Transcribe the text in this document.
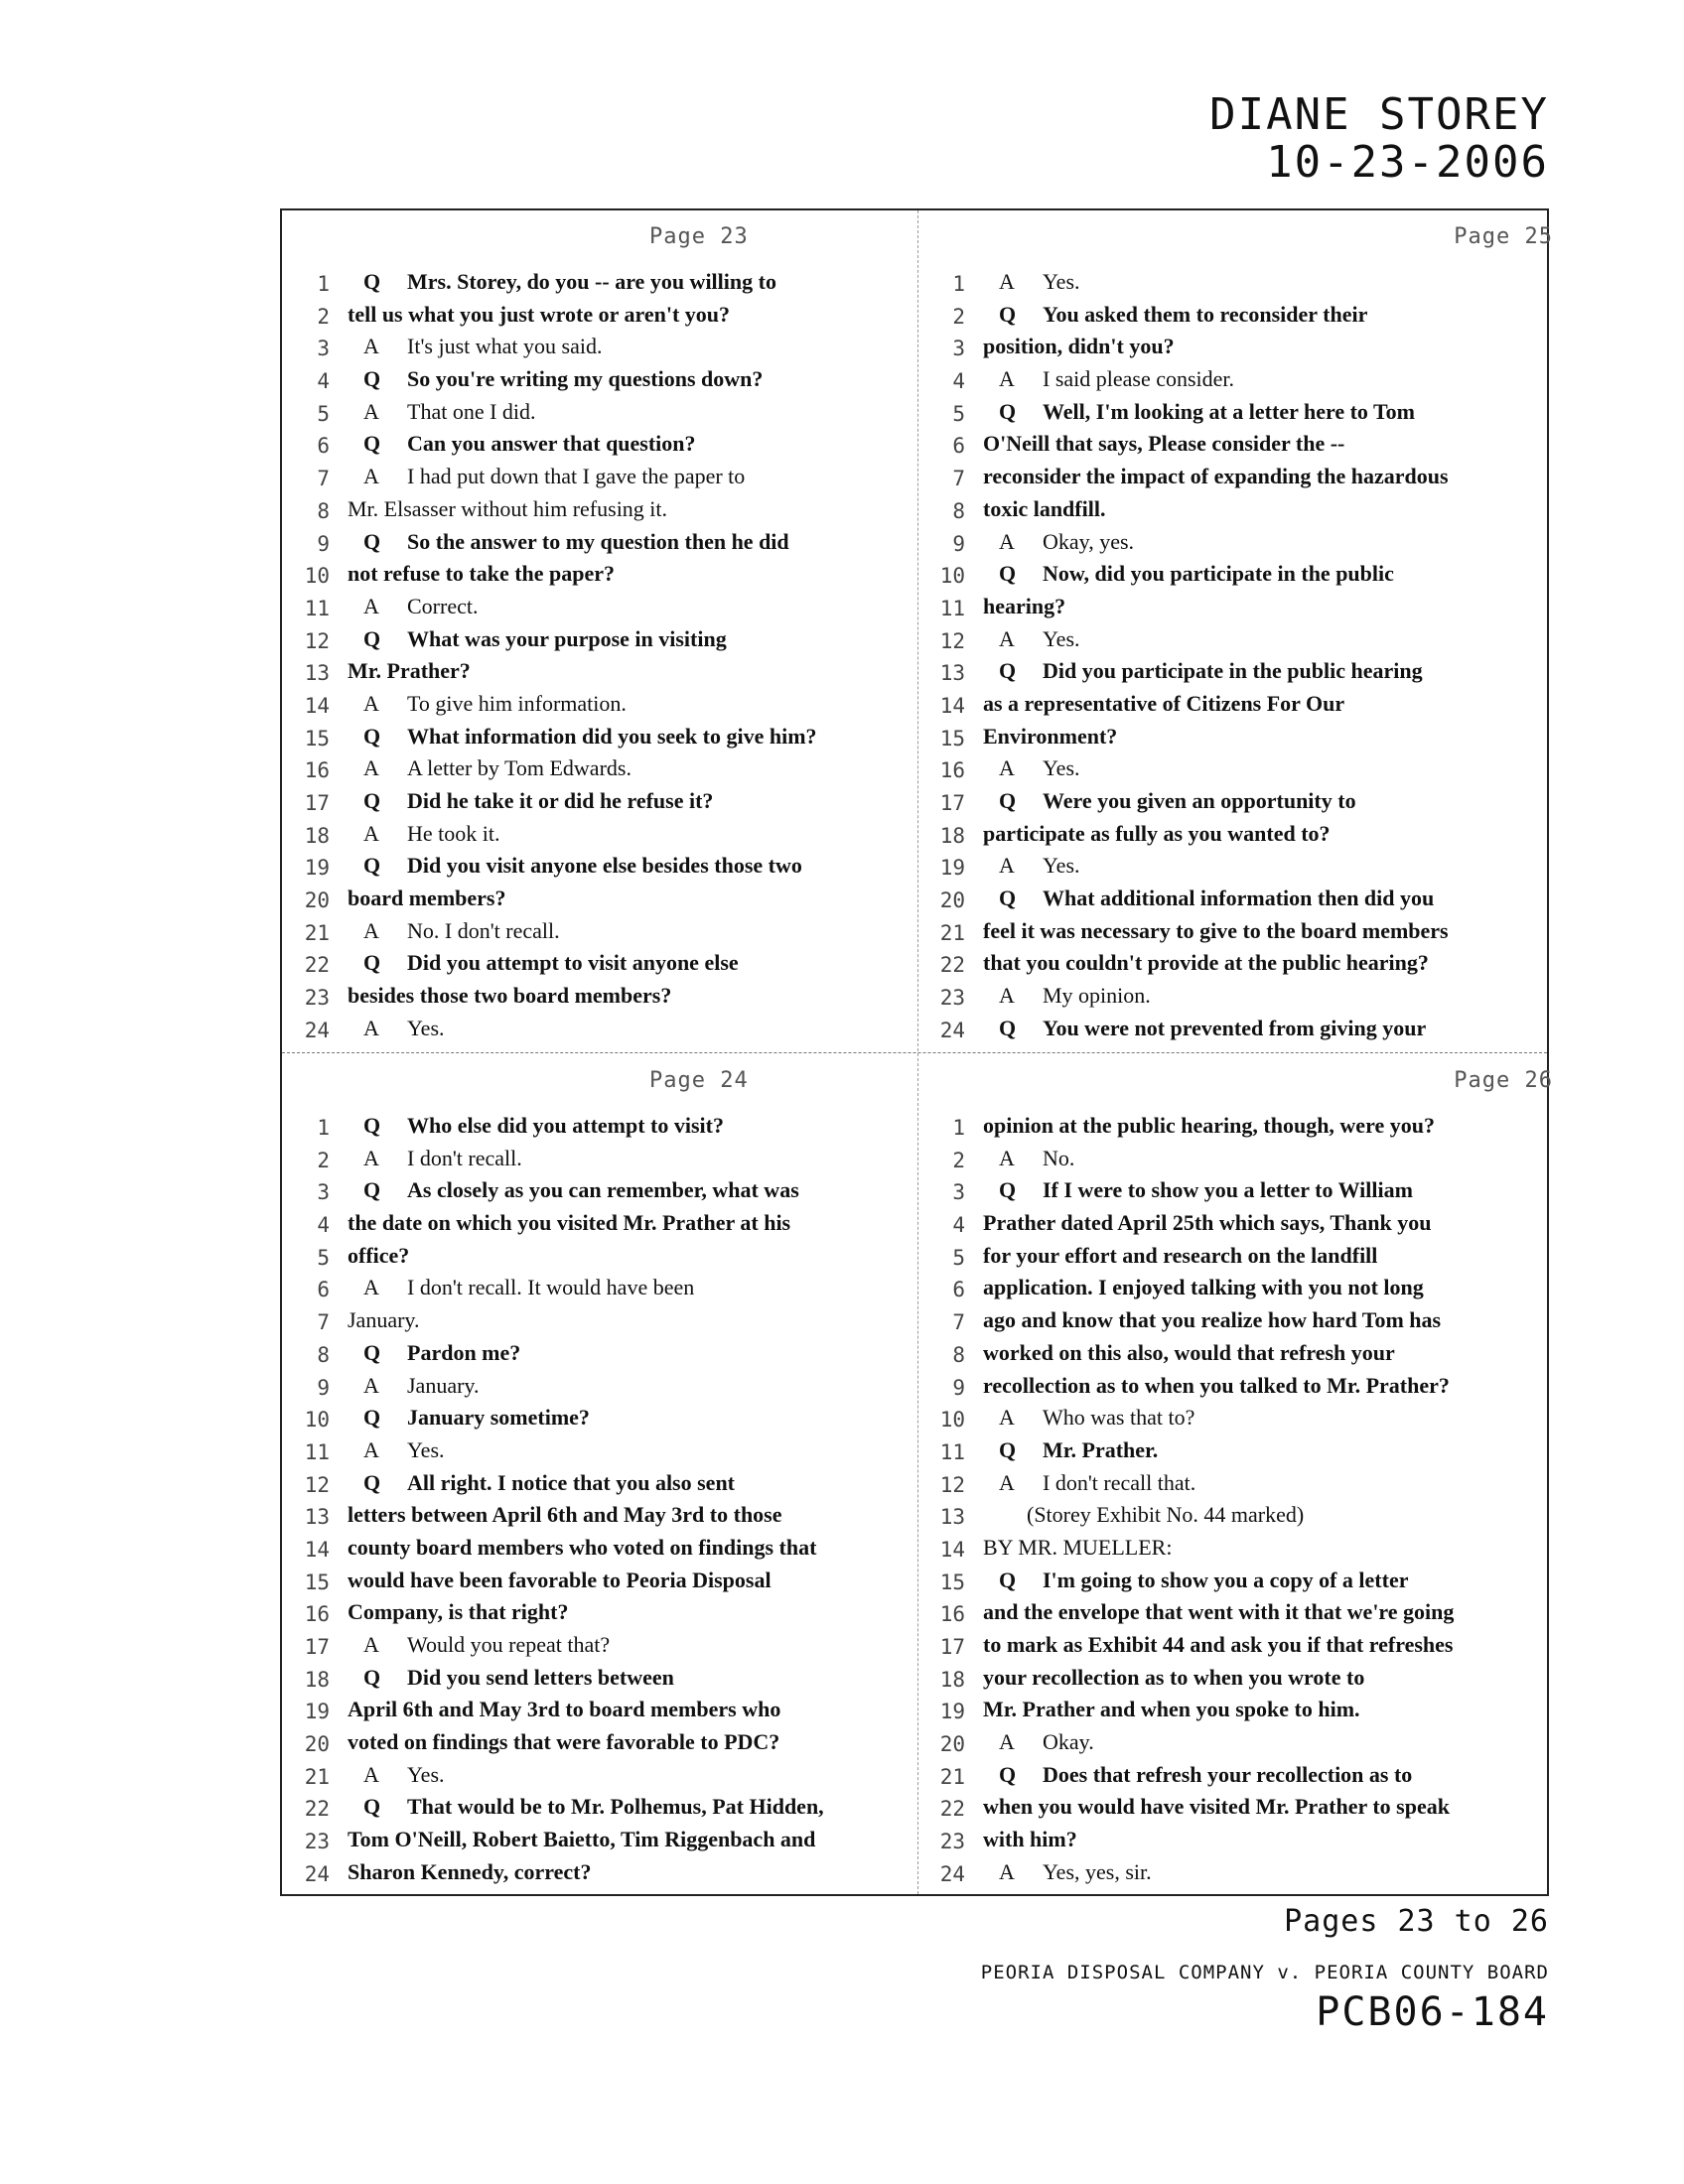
DIANE STOREY
10-23-2006
Page 23
1 Q Mrs. Storey, do you -- are you willing to
2 tell us what you just wrote or aren't you?
3 A It's just what you said.
4 Q So you're writing my questions down?
5 A That one I did.
6 Q Can you answer that question?
7 A I had put down that I gave the paper to
8 Mr. Elsasser without him refusing it.
9 Q So the answer to my question then he did
10 not refuse to take the paper?
11 A Correct.
12 Q What was your purpose in visiting
13 Mr. Prather?
14 A To give him information.
15 Q What information did you seek to give him?
16 A A letter by Tom Edwards.
17 Q Did he take it or did he refuse it?
18 A He took it.
19 Q Did you visit anyone else besides those two
20 board members?
21 A No. I don't recall.
22 Q Did you attempt to visit anyone else
23 besides those two board members?
24 A Yes.
Page 25
1 A Yes.
2 Q You asked them to reconsider their
3 position, didn't you?
4 A I said please consider.
5 Q Well, I'm looking at a letter here to Tom
6 O'Neill that says, Please consider the --
7 reconsider the impact of expanding the hazardous
8 toxic landfill.
9 A Okay, yes.
10 Q Now, did you participate in the public
11 hearing?
12 A Yes.
13 Q Did you participate in the public hearing
14 as a representative of Citizens For Our
15 Environment?
16 A Yes.
17 Q Were you given an opportunity to
18 participate as fully as you wanted to?
19 A Yes.
20 Q What additional information then did you
21 feel it was necessary to give to the board members
22 that you couldn't provide at the public hearing?
23 A My opinion.
24 Q You were not prevented from giving your
Page 24
1 Q Who else did you attempt to visit?
2 A I don't recall.
3 Q As closely as you can remember, what was
4 the date on which you visited Mr. Prather at his
5 office?
6 A I don't recall. It would have been
7 January.
8 Q Pardon me?
9 A January.
10 Q January sometime?
11 A Yes.
12 Q All right. I notice that you also sent
13 letters between April 6th and May 3rd to those
14 county board members who voted on findings that
15 would have been favorable to Peoria Disposal
16 Company, is that right?
17 A Would you repeat that?
18 Q Did you send letters between
19 April 6th and May 3rd to board members who
20 voted on findings that were favorable to PDC?
21 A Yes.
22 Q That would be to Mr. Polhemus, Pat Hidden,
23 Tom O'Neill, Robert Baietto, Tim Riggenbach and
24 Sharon Kennedy, correct?
Page 26
1 opinion at the public hearing, though, were you?
2 A No.
3 Q If I were to show you a letter to William
4 Prather dated April 25th which says, Thank you
5 for your effort and research on the landfill
6 application. I enjoyed talking with you not long
7 ago and know that you realize how hard Tom has
8 worked on this also, would that refresh your
9 recollection as to when you talked to Mr. Prather?
10 A Who was that to?
11 Q Mr. Prather.
12 A I don't recall that.
13	(Storey Exhibit No. 44 marked)
14 BY MR. MUELLER:
15 Q I'm going to show you a copy of a letter
16 and the envelope that went with it that we're going
17 to mark as Exhibit 44 and ask you if that refreshes
18 your recollection as to when you wrote to
19 Mr. Prather and when you spoke to him.
20 A Okay.
21 Q Does that refresh your recollection as to
22 when you would have visited Mr. Prather to speak
23 with him?
24 A Yes, yes, sir.
Pages 23 to 26
PEORIA DISPOSAL COMPANY v. PEORIA COUNTY BOARD
PCB06-184
